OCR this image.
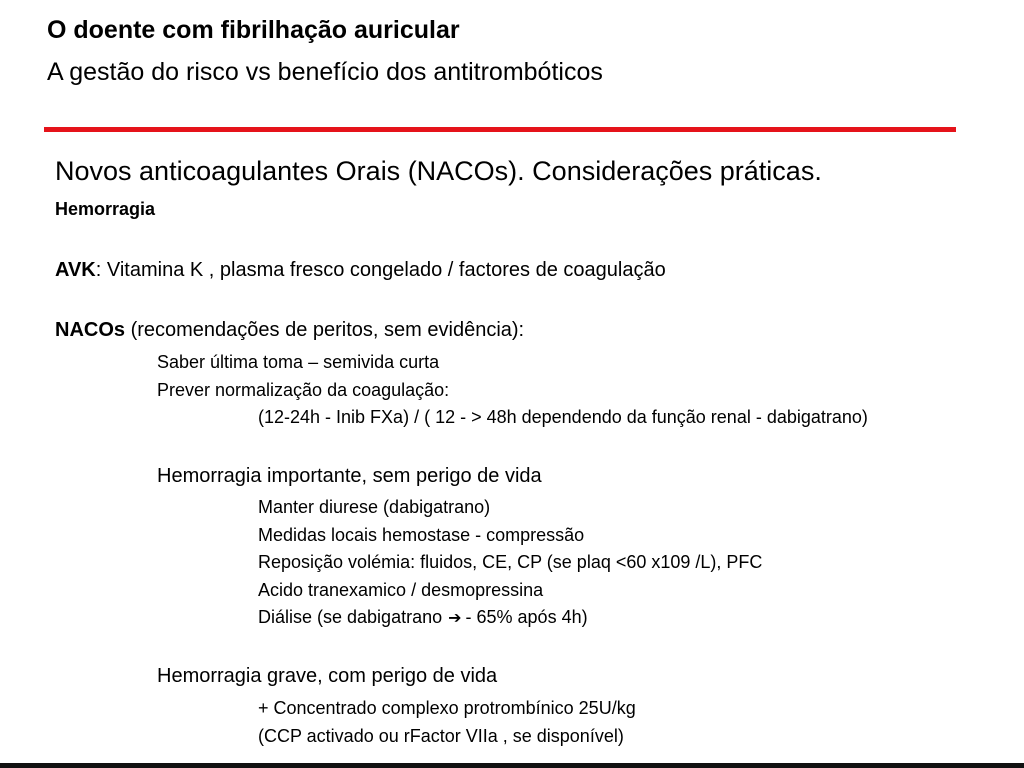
O doente com fibrilhação auricular
A gestão do risco vs benefício dos antitrombóticos
Novos anticoagulantes Orais (NACOs). Considerações práticas.
Hemorragia
AVK: Vitamina K , plasma fresco congelado / factores de coagulação
NACOs (recomendações de peritos, sem evidência):
Saber última toma – semivida curta
Prever normalização da coagulação:
(12-24h - Inib FXa) / ( 12 - > 48h dependendo da função renal - dabigatrano)
Hemorragia importante, sem perigo de vida
Manter diurese (dabigatrano)
Medidas locais hemostase - compressão
Reposição volémia: fluidos, CE, CP (se plaq <60 x109 /L), PFC
Acido tranexamico / desmopressina
Diálise (se dabigatrano ➔ - 65% após 4h)
Hemorragia grave, com perigo de vida
+ Concentrado complexo protrombínico 25U/kg
(CCP activado ou rFactor VIIa , se disponível)
